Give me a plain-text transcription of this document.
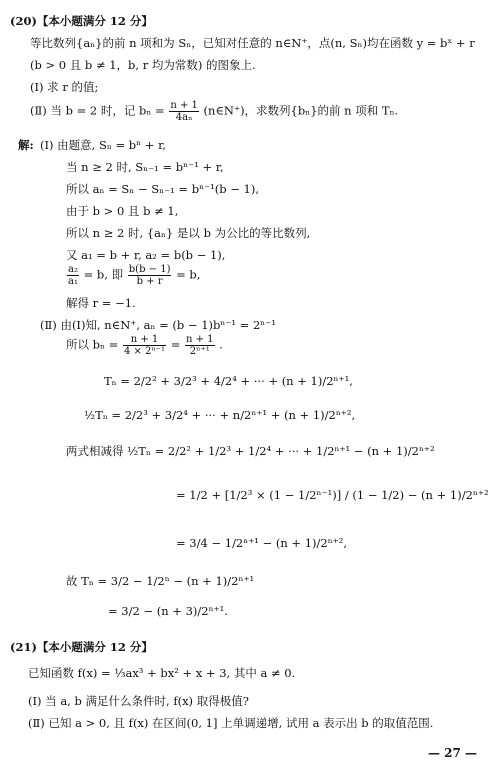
(20)【本小题满分 12 分】
等比数列{aₙ}的前 n 项和为 Sₙ，已知对任意的 n∈N⁺，点(n, Sₙ)均在函数 y = bˣ + r
(b > 0 且 b ≠ 1，b, r 均为常数) 的图象上.
(Ⅰ) 求 r 的值;
(Ⅱ) 当 b = 2 时，记 $b_n = \frac{n + 1}{\text{4aₙ}}$ (n∈N⁺)，求数列{bₙ}的前 n 项和 Tₙ.
解: (Ⅰ) 由题意, Sₙ = bⁿ + r,
当 n ≥ 2 时, Sₙ₋₁ = bⁿ⁻¹ + r,
所以 aₙ = Sₙ − Sₙ₋₁ = bⁿ⁻¹(b − 1),
由于 b > 0 且 b ≠ 1,
所以 n ≥ 2 时, {aₙ} 是以 b 为公比的等比数列,
又 a₁ = b + r, a₂ = b(b − 1),
$\frac{\text{a₂}}{\text{a₁}} = b$, 即 $\frac{b(b - 1)}{b + r} = b$,
解得 r = −1.
(Ⅱ) 由(Ⅰ)知, n∈N⁺, aₙ = (b − 1)bⁿ⁻¹ = 2ⁿ⁻¹
所以 $b_n = \frac{n + 1}{\text{4 × 2ⁿ⁻¹}} = \frac{n + 1}{\text{2ⁿ⁺¹}}$ .
Tₙ = 2/2² + 3/2³ + 4/2⁴ + ··· + (n + 1)/2ⁿ⁺¹,
½Tₙ = 2/2³ + 3/2⁴ + ··· + n/2ⁿ⁺¹ + (n + 1)/2ⁿ⁺²,
两式相减得 ½Tₙ = 2/2² + 1/2³ + 1/2⁴ + ··· + 1/2ⁿ⁺¹ − (n + 1)/2ⁿ⁺²
= 1/2 + [1/2³ × (1 − 1/2ⁿ⁻¹)] / (1 − 1/2) − (n + 1)/2ⁿ⁺²
= 3/4 − 1/2ⁿ⁺¹ − (n + 1)/2ⁿ⁺²,
故 Tₙ = 3/2 − 1/2ⁿ − (n + 1)/2ⁿ⁺¹
= 3/2 − (n + 3)/2ⁿ⁺¹.
(21)【本小题满分 12 分】
已知函数 f(x) = ⅓ax³ + bx² + x + 3, 其中 a ≠ 0.
(Ⅰ) 当 a, b 满足什么条件时, f(x) 取得极值?
(Ⅱ) 已知 a > 0, 且 f(x) 在区间(0, 1] 上单调递增, 试用 a 表示出 b 的取值范围.
— 27 —
